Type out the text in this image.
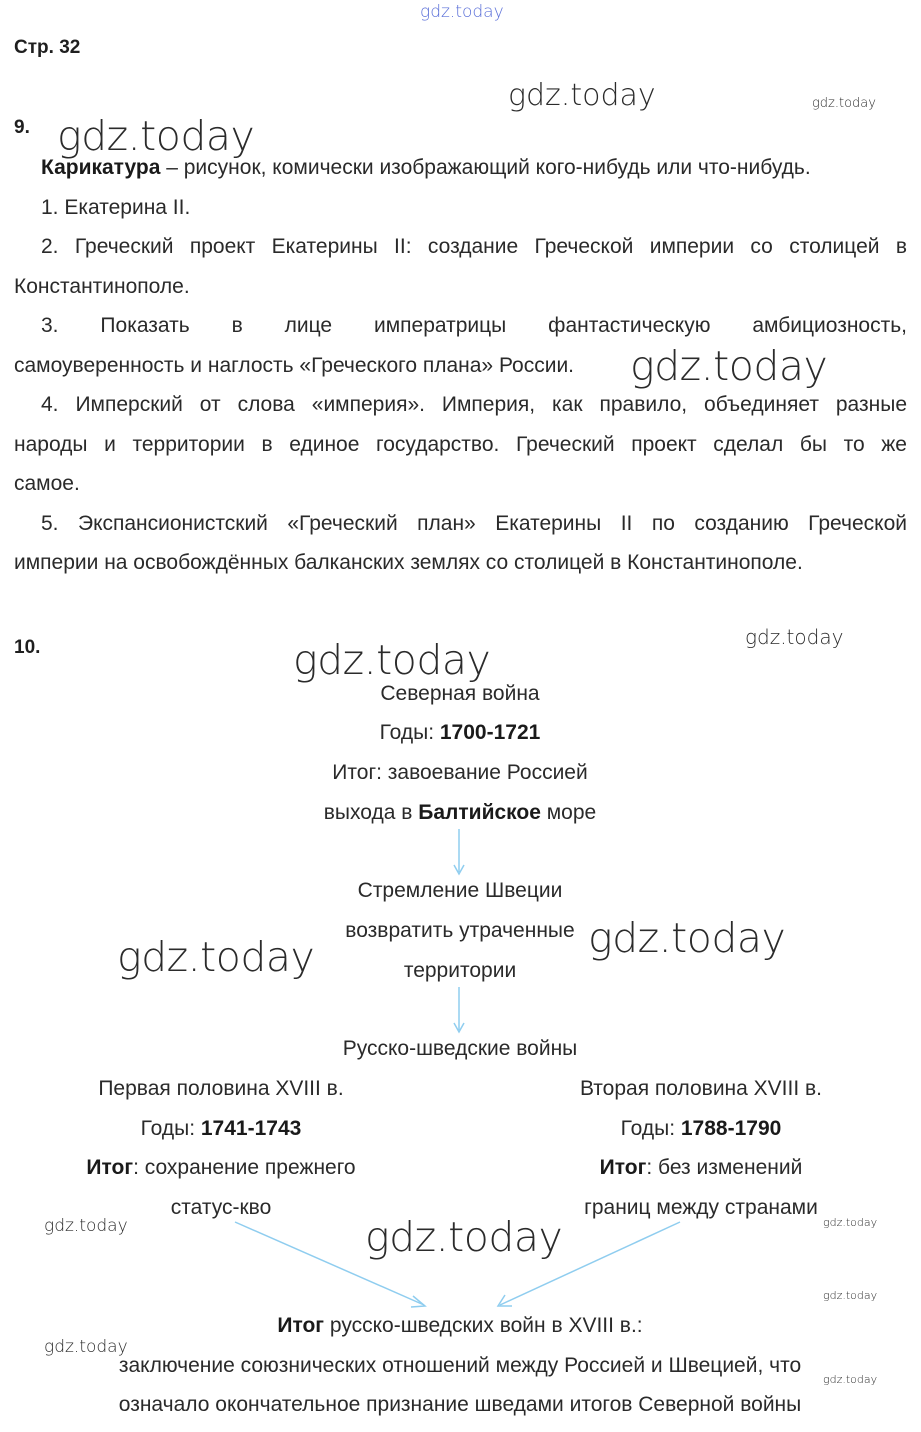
gdz.today
gdz.today	gdz.today
gdz.today
gdz.today
gdz.today
gdz.today
gdz.today
gdz.today
gdz.today	gdz.today
gdz.today
gdz.today
gdz.today
gdz.today
Стр. 32
9.
Карикатура – рисунок, комически изображающий кого-нибудь или что-нибудь.
1. Екатерина II.
2. Греческий проект Екатерины II: создание Греческой империи со столицей в
Константинополе.
3. Показать в лице императрицы фантастическую амбициозность,
самоуверенность и наглость «Греческого плана» России.
4. Имперский от слова «империя». Империя, как правило, объединяет разные
народы и территории в единое государство. Греческий проект сделал бы то же
самое.
5. Экспансионистский «Греческий план» Екатерины II по созданию Греческой
империи на освобождённых балканских землях со столицей в Константинополе.
10.
Северная война
Годы: 1700-1721
Итог: завоевание Россией
выхода в Балтийское море
Стремление Швеции
возвратить утраченные
территории
Русско-шведские войны
Первая половина XVIII в.
Годы: 1741-1743
Итог: сохранение прежнего
статус-кво
Вторая половина XVIII в.
Годы: 1788-1790
Итог: без изменений
границ между странами
Итог русско-шведских войн в XVIII в.:
заключение союзнических отношений между Россией и Швецией, что
означало окончательное признание шведами итогов Северной войны
